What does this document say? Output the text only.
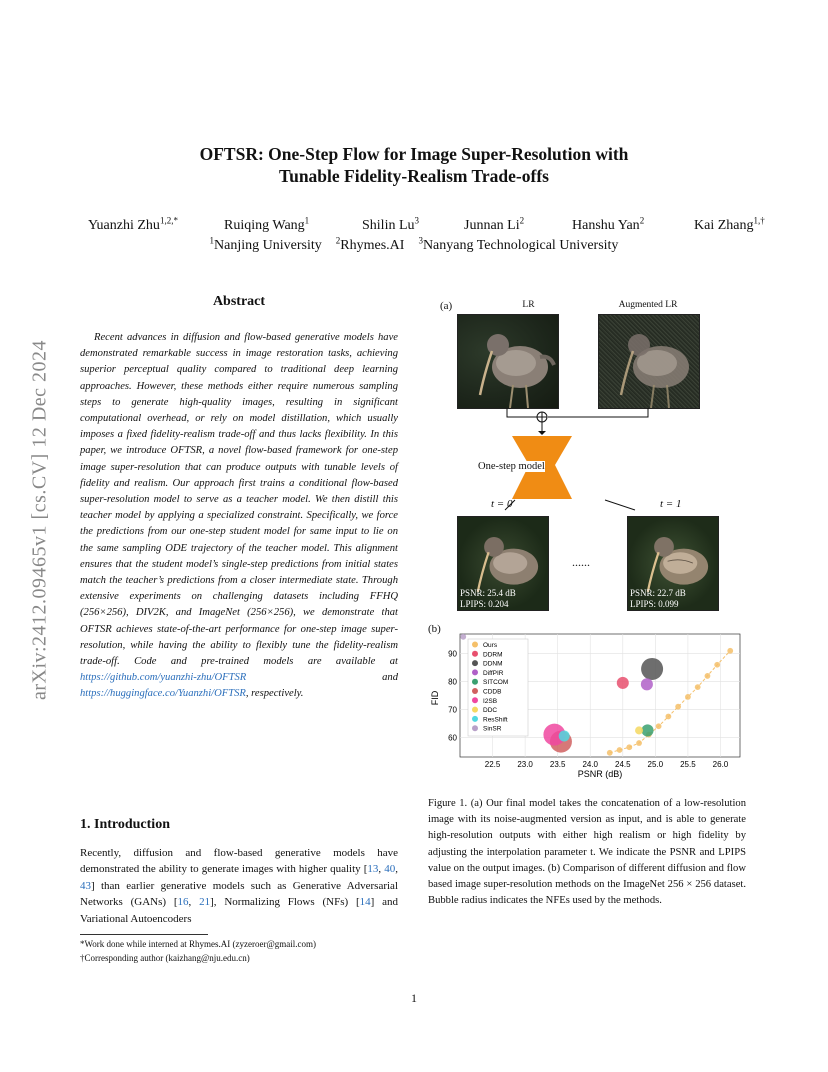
arXiv:2412.09465v1 [cs.CV] 12 Dec 2024
OFTSR: One-Step Flow for Image Super-Resolution with
Tunable Fidelity-Realism Trade-offs
Yuanzhi Zhu$^{1,2,*}$	Ruiqing Wang$^1$	Shilin Lu$^3$	Junnan Li$^2$	Hanshu Yan$^2$	Kai Zhang$^{1,\dagger}$
$^1$Nanjing University $^2$Rhymes.AI $^3$Nanyang Technological University
Abstract
Recent advances in diffusion and flow-based generative models have demonstrated remarkable success in image restoration tasks, achieving superior perceptual quality compared to traditional deep learning approaches. However, these methods either require numerous sampling steps to generate high-quality images, resulting in significant computational overhead, or rely on model distillation, which usually imposes a fixed fidelity-realism trade-off and thus lacks flexibility. In this paper, we introduce OFTSR, a novel flow-based framework for one-step image super-resolution that can produce outputs with tunable levels of fidelity and realism. Our approach first trains a conditional flow-based super-resolution model to serve as a teacher model. We then distill this teacher model by applying a specialized constraint. Specifically, we force the predictions from our one-step student model for same input to lie on the same sampling ODE trajectory of the teacher model. This alignment ensures that the student model’s single-step predictions from initial states match the teacher’s predictions from a closer intermediate state. Through extensive experiments on challenging datasets including FFHQ (256×256), DIV2K, and ImageNet (256×256), we demonstrate that OFTSR achieves state-of-the-art performance for one-step image super-resolution, while having the ability to flexibly tune the fidelity-realism trade-off. Code and pre-trained models are available at https://github.com/yuanzhi-zhu/OFTSR and https://huggingface.co/Yuanzhi/OFTSR, respectively.
1. Introduction
Recently, diffusion and flow-based generative models have demonstrated the ability to generate images with higher quality [13, 40, 43] than earlier generative models such as Generative Adversarial Networks (GANs) [16, 21], Normalizing Flows (NFs) [14] and Variational Autoencoders
*Work done while interned at Rhymes.AI (zyzeroer@gmail.com)
†Corresponding author (kaizhang@nju.edu.cn)
1
(a)	LR	Augmented LR
One-step model
t = 0	t = 1
PSNR: 25.4 dB
LPIPS: 0.204
......
PSNR: 22.7 dB
LPIPS: 0.099
(b)
22.5 23.0 23.5 24.0 24.5 25.0 25.5 26.0
60
70
80
90
Ours
DDRM
DDNM
DiffPIR
SITCOM
CDDB
I2SB
DDC
ResShift
SinSR
PSNR (dB)
FID
Figure 1. (a) Our final model takes the concatenation of a low-resolution image with its noise-augmented version as input, and is able to generate high-resolution outputs with either high realism or high fidelity by adjusting the interpolation parameter t. We indicate the PSNR and LPIPS value on the output images. (b) Comparison of different diffusion and flow based image super-resolution methods on the ImageNet 256 × 256 dataset. Bubble radius indicates the NFEs used by the methods.
